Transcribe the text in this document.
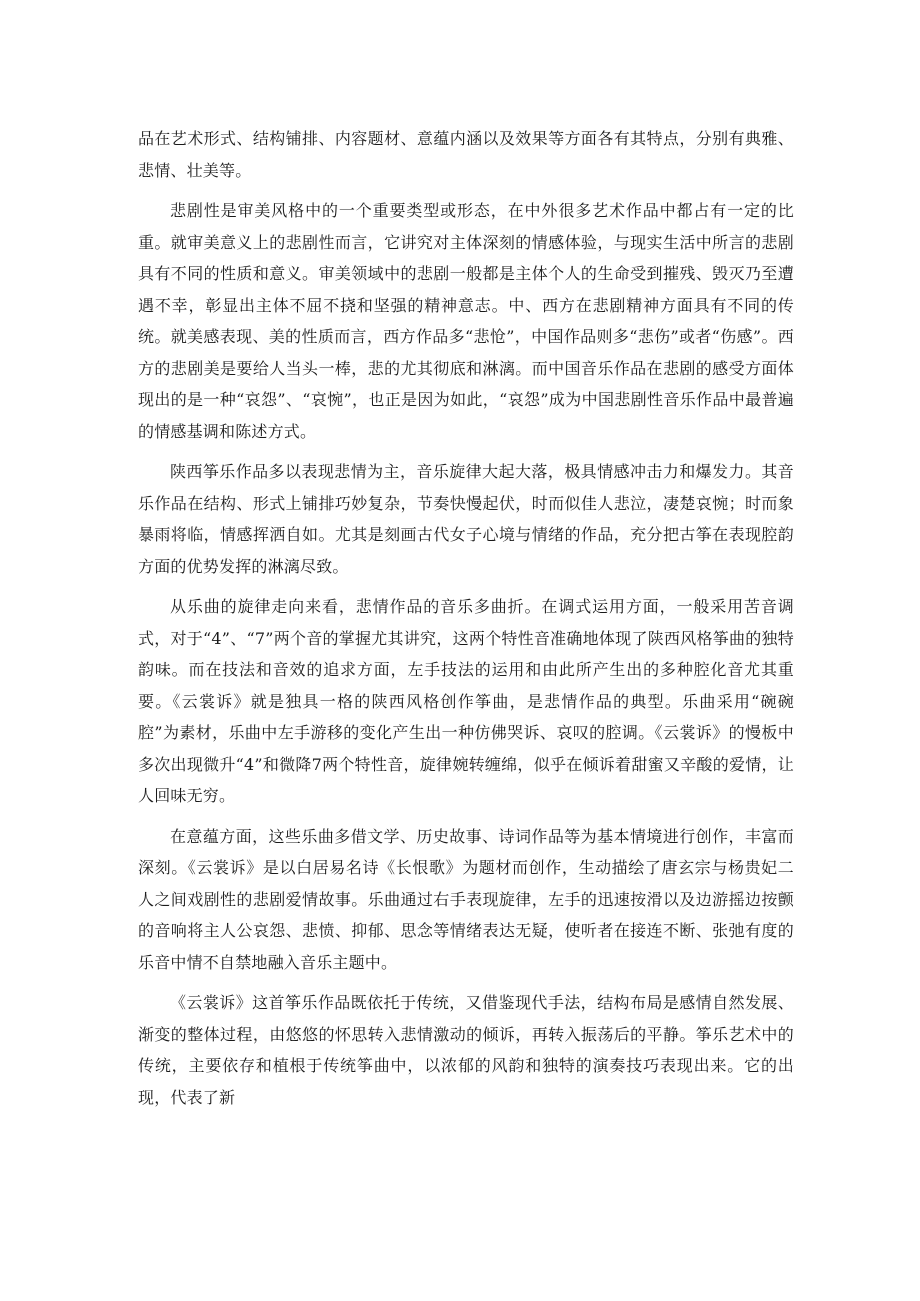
品在艺术形式、结构铺排、内容题材、意蕴内涵以及效果等方面各有其特点，分别有典雅、悲情、壮美等。

悲剧性是审美风格中的一个重要类型或形态，在中外很多艺术作品中都占有一定的比重。就审美意义上的悲剧性而言，它讲究对主体深刻的情感体验，与现实生活中所言的悲剧具有不同的性质和意义。审美领域中的悲剧一般都是主体个人的生命受到摧残、毁灭乃至遭遇不幸，彰显出主体不屈不挠和坚强的精神意志。中、西方在悲剧精神方面具有不同的传统。就美感表现、美的性质而言，西方作品多“悲怆”，中国作品则多“悲伤”或者“伤感”。西方的悲剧美是要给人当头一棒，悲的尤其彻底和淋漓。而中国音乐作品在悲剧的感受方面体现出的是一种“哀怨”、“哀惋”，也正是因为如此，“哀怨”成为中国悲剧性音乐作品中最普遍的情感基调和陈述方式。

陕西筝乐作品多以表现悲情为主，音乐旋律大起大落，极具情感冲击力和爆发力。其音乐作品在结构、形式上铺排巧妙复杂，节奏快慢起伏，时而似佳人悲泣，凄楚哀惋；时而象暴雨将临，情感挥洒自如。尤其是刻画古代女子心境与情绪的作品，充分把古筝在表现腔韵方面的优势发挥的淋漓尽致。

从乐曲的旋律走向来看，悲情作品的音乐多曲折。在调式运用方面，一般采用苦音调式，对于“4”、“7”两个音的掌握尤其讲究，这两个特性音准确地体现了陕西风格筝曲的独特韵味。而在技法和音效的追求方面，左手技法的运用和由此所产生出的多种腔化音尤其重要。《云裳诉》就是独具一格的陕西风格创作筝曲，是悲情作品的典型。乐曲采用“碗碗腔”为素材，乐曲中左手游移的变化产生出一种仿佛哭诉、哀叹的腔调。《云裳诉》的慢板中多次出现微升“4”和微降7两个特性音，旋律婉转缠绵，似乎在倾诉着甜蜜又辛酸的爱情，让人回味无穷。

在意蕴方面，这些乐曲多借文学、历史故事、诗词作品等为基本情境进行创作，丰富而深刻。《云裳诉》是以白居易名诗《长恨歌》为题材而创作，生动描绘了唐玄宗与杨贵妃二人之间戏剧性的悲剧爱情故事。乐曲通过右手表现旋律，左手的迅速按滑以及边游摇边按颤的音响将主人公哀怨、悲愤、抑郁、思念等情绪表达无疑，使听者在接连不断、张弛有度的乐音中情不自禁地融入音乐主题中。

《云裳诉》这首筝乐作品既依托于传统，又借鉴现代手法，结构布局是感情自然发展、渐变的整体过程，由悠悠的怀思转入悲情激动的倾诉，再转入振荡后的平静。筝乐艺术中的传统，主要依存和植根于传统筝曲中，以浓郁的风韵和独特的演奏技巧表现出来。它的出现，代表了新
